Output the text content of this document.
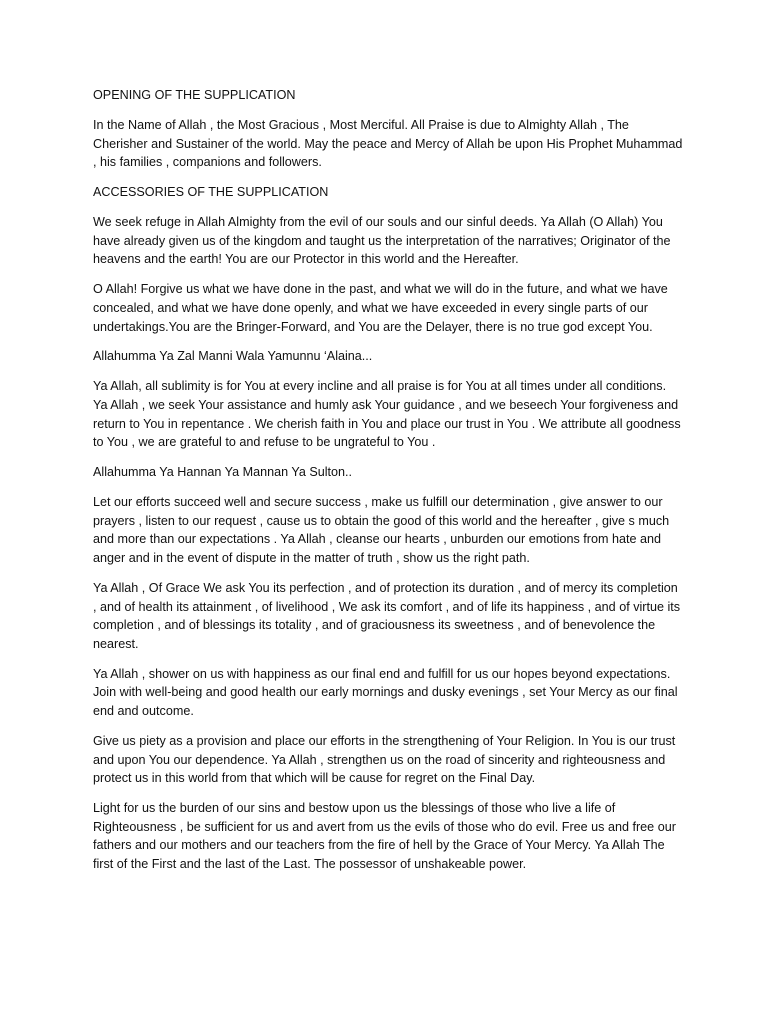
OPENING OF THE SUPPLICATION

In the Name of Allah , the Most Gracious , Most Merciful. All Praise is due to Almighty Allah , The Cherisher and Sustainer of the world. May the peace and Mercy of Allah be upon His Prophet Muhammad , his families , companions and followers.

ACCESSORIES OF THE SUPPLICATION

We seek refuge in Allah Almighty from the evil of our souls and our sinful deeds. Ya Allah (O Allah) You have already given us of the kingdom and taught us the interpretation of the narratives; Originator of the heavens and the earth! You are our Protector in this world and the Hereafter.

O Allah! Forgive us what we have done in the past, and what we will do in the future, and what we have concealed, and what we have done openly, and what we have exceeded in every single parts of our undertakings.You are the Bringer-Forward, and You are the Delayer, there is no true god except You.

Allahumma Ya Zal Manni Wala Yamunnu ‘Alaina...

Ya Allah, all sublimity is for You at every incline and all praise is for You at all times under all conditions. Ya Allah , we seek Your assistance and humly ask Your guidance , and we beseech Your forgiveness and return to You in repentance . We cherish faith in You and place our trust in You . We attribute all goodness to You , we are grateful to and refuse to be ungrateful to You .

Allahumma Ya Hannan Ya Mannan Ya Sulton..

Let our efforts succeed well and secure success , make us fulfill our determination , give answer to our prayers , listen to our request , cause us to obtain the good of this world and the hereafter , give s much and more than our expectations . Ya Allah , cleanse our hearts , unburden our emotions from hate and anger and in the event of dispute in the matter of truth , show us the right path.

Ya Allah , Of Grace We ask You its perfection , and of protection its duration , and of mercy its completion , and of health its attainment , of livelihood , We ask its comfort , and of life its happiness , and of virtue its completion , and of blessings its totality , and of graciousness its sweetness , and of benevolence the nearest.

Ya Allah , shower on us with happiness as our final end and fulfill for us our hopes beyond expectations. Join with well-being and good health our early mornings and dusky evenings , set Your Mercy as our final end and outcome.

Give us piety as a provision and place our efforts in the strengthening of Your Religion. In You is our trust and upon You our dependence. Ya Allah , strengthen us on the road of sincerity and righteousness and protect us in this world from that which will be cause for regret on the Final Day.

Light for us the burden of our sins and bestow upon us the blessings of those who live a life of Righteousness , be sufficient for us and avert from us the evils of those who do evil. Free us and free our fathers and our mothers and our teachers from the fire of hell by the Grace of Your Mercy. Ya Allah The first of the First and the last of the Last. The possessor of unshakeable power.
